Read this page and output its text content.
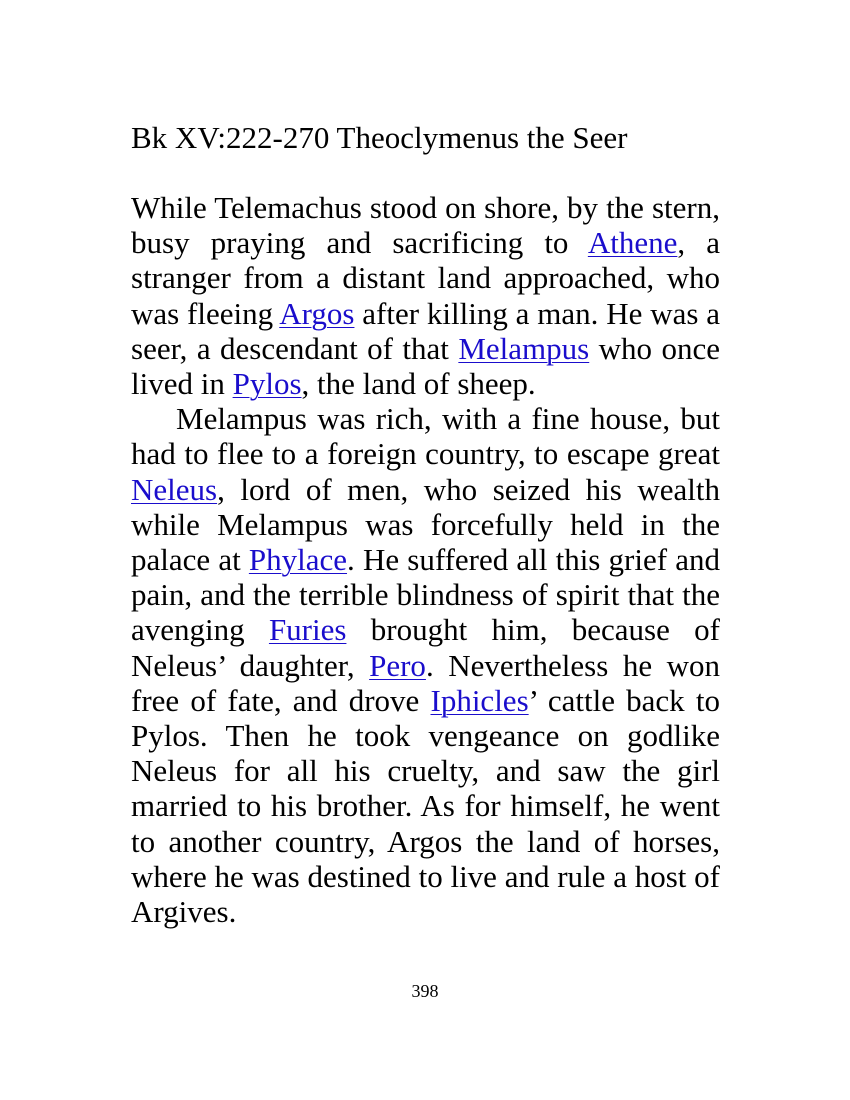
Bk XV:222-270 Theoclymenus the Seer

While Telemachus stood on shore, by the stern, busy praying and sacrificing to Athene, a stranger from a distant land approached, who was fleeing Argos after killing a man. He was a seer, a descendant of that Melampus who once lived in Pylos, the land of sheep.

Melampus was rich, with a fine house, but had to flee to a foreign country, to escape great Neleus, lord of men, who seized his wealth while Melampus was forcefully held in the palace at Phylace. He suffered all this grief and pain, and the terrible blindness of spirit that the avenging Furies brought him, because of Neleus’ daughter, Pero. Nevertheless he won free of fate, and drove Iphicles’ cattle back to Pylos. Then he took vengeance on godlike Neleus for all his cruelty, and saw the girl married to his brother. As for himself, he went to another country, Argos the land of horses, where he was destined to live and rule a host of Argives.

398
